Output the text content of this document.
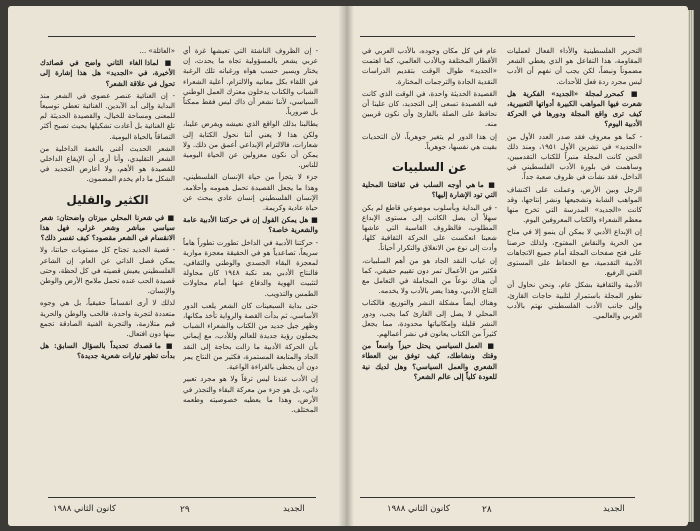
- إن الظروف الناشئة التي تعيشها غزة أي عربي يشعر بالمسؤولية تجاه ما يحدث، إن يختار ويسير حسب هواه ورغباته تلك الرغبة في اللقاء بكل معانيه والالتزام. أعلية الشعراء الشباب والكتاب يدخلون معترك العمل الوطني السياسي، لأننا نشعر أن ذاك ليس فقط ممكناً بل ضرورياً.

يطالبنا بذلك الواقع الذي نعيشه ويفرض علينا، ولكن هذا لا يعني أننا نحول الكتابة إلى شعارات، فالالتزام الإبداعي أعمق من ذلك. ولا يمكن أن نكون معزولين عن الحياة اليومية للناس.

جزء لا يتجزأ من حياة الإنسان الفلسطيني، وهذا ما يجعل القصيدة تحمل همومه وأحلامه. الإنسان الفلسطيني إنسان عادي يبحث عن حياة عادية وكريمة.

■ هل يمكن القول إن في حركتنا الأدبية عامة والشعرية خاصة؟

- حركتنا الأدبية في الداخل تطورت تطوراً هاماً سريعاً، تصاعدياً هو في الحقيقة معجزة موازية لمعجزة البقاء الجسدي والوطني والثقافي، فالنتاج الأدبي بعد نكبة ١٩٤٨ كان محاولة لتثبيت الهوية والدفاع عنها أمام محاولات الطمس والتذويب.

حتى بداية السبعينات كان الشعر يلعب الدور الأساسي، ثم بدأت القصة والرواية تأخذ مكانها، وظهر جيل جديد من الكتاب والشعراء الشباب يحملون رؤية جديدة للعالم وللأدب، مع إيماني بأن الحركة الأدبية ما زالت بحاجة إلى النقد الجاد والمتابعة المستمرة، فكثير من النتاج يمر دون أن يحظى بالقراءة الواعية.

إن الأدب عندنا ليس ترفاً ولا هو مجرد تعبير ذاتي، بل هو جزء من معركة البقاء والتجذر في الأرض، وهذا ما يعطيه خصوصيته وطعمه المختلف.

«العائلة» ...

■ لماذا الغاء الثاني واضح في قصائدك الأخيرة، في «الجديد» هل هذا إشارة إلى تحول في علاقة الشعر؟

- إن الغنائية عنصر عضوي في الشعر منذ البداية وإلى أبد الآبدين. الغنائية تعطي توسيعاً للمعنى ومساحة للخيال، والقصيدة الحديثة لم تلغ الغنائية بل أعادت تشكيلها بحيث تصبح أكثر التصاقاً بالحياة اليومية.

الشعر الحديث أغنى بالنغمة الداخلية من الشعر التقليدي، وأنا أرى أن الإيقاع الداخلي للقصيدة هو الأهم، ولا أعارض التجديد في الشكل ما دام يخدم المضمون.

الكثير والقليل

■ في شعرنا المحلي ميزتان واضحتان: شعر سياسي مباشر وشعر غزلي، فهل هذا الانقسام في الشعر مقصود؟ كيف تفسر ذلك؟

- قضية الجديد تجتاح كل مستويات حياتنا، ولا يمكن فصل الذاتي عن العام. إن الشاعر الفلسطيني يعيش قضيته في كل لحظة، وحتى قصيدة الحب عنده تحمل ملامح الأرض والوطن والإنسان.

لذلك لا أرى انقساماً حقيقياً، بل هي وجوه متعددة لتجربة واحدة، فالحب والوطن والحرية قيم متلازمة، والتجربة الفنية الصادقة تجمع بينها دون افتعال.

■ ما قصدك تحديداً بالسؤال السابق: هل بدأت تظهر تيارات شعرية جديدة؟

كانون الثاني ١٩٨٨	٢٩	الجديد

التحرير الفلسطينية والأداء الفعال لعمليات المقاومة، هذا التفاعل هو الذي يعطي الشعر مضموناً ونبضاً، لكن يجب أن نفهم أن الأدب ليس مجرد ردة فعل للأحداث.

■ كمحرر لمجلة «الجديد» الفكرية هل شعرت فيها المواهب الكبيرة أدواتها التعبيرية، كيف ترى واقع المجلة ودورها في الحركة الأدبية اليوم؟

- كما هو معروف فقد صدر العدد الأول من «الجديد» في تشرين الأول ١٩٥١، ومنذ ذلك الحين كانت المجلة منبراً للكتاب التقدميين، وساهمت في بلورة الأدب الفلسطيني في الداخل، فقد نشأت في ظروف صعبة جداً.

الرجل وبين الأرض، وعملت على اكتشاف المواهب الشابة وتشجيعها ونشر إنتاجها، وقد كانت «الجديد» المدرسة التي تخرج منها معظم الشعراء والكتاب المعروفين اليوم.

إن الإبداع الأدبي لا يمكن أن ينمو إلا في مناخ من الحرية والنقاش المفتوح، ولذلك حرصنا على فتح صفحات المجلة أمام جميع الاتجاهات الأدبية التقدمية، مع الحفاظ على المستوى الفني الرفيع.

الأدبية والثقافية بشكل عام، ونحن نحاول أن نطور المجلة باستمرار لتلبية حاجات القارئ، وإلى جانب الأدب الفلسطيني نهتم بالأدب العربي والعالمي.

عام في كل مكان وجوده، بالأدب العربي في الأقطار المختلفة وبالأدب العالمي، كما اهتمت «الجديد» طوال الوقت بتقديم الدراسات النقدية الجادة والترجمات المختارة.

القصيدة الحديثة واحدة، في الوقت الذي كانت فيه القصيدة تسعى إلى التجديد، كان علينا أن نحافظ على الصلة بالقارئ وأن نكون قريبين منه.

إن هذا الدور لم يتغير جوهرياً، لأن التحديات بقيت هي نفسها، جوهرياً.

عن السلبيات

■ ما هي أوجه السلب في ثقافتنا المحلية التي تود الإشارة إليها؟

- في البداية وبأسلوب موضوعي قاطع لم يكن سهلاً أن يصل الكاتب إلى مستوى الإبداع المطلوب، فالظروف القاسية التي عاشها شعبنا انعكست على الحركة الثقافية كلها، وأدت إلى نوع من الانغلاق والتكرار أحياناً.

إن غياب النقد الجاد هو من أهم السلبيات، فكثير من الأعمال تمر دون تقييم حقيقي، كما أن هناك نوعاً من المجاملة في التعامل مع النتاج الأدبي، وهذا يضر بالأدب ولا يخدمه.

وهناك أيضاً مشكلة النشر والتوزيع، فالكتاب المحلي لا يصل إلى القارئ كما يجب، ودور النشر قليلة وإمكانياتها محدودة، مما يجعل كثيراً من الكتاب يعانون في نشر أعمالهم.

■ العمل السياسي يحتل حيزاً واسعاً من وقتك ونشاطك، كيف توفق بين العطاء الشعري والعمل السياسي؟ وهل لديك نية للعودة كلياً إلى عالم الشعر؟

كانون الثاني ١٩٨٨	٢٨	الجديد
